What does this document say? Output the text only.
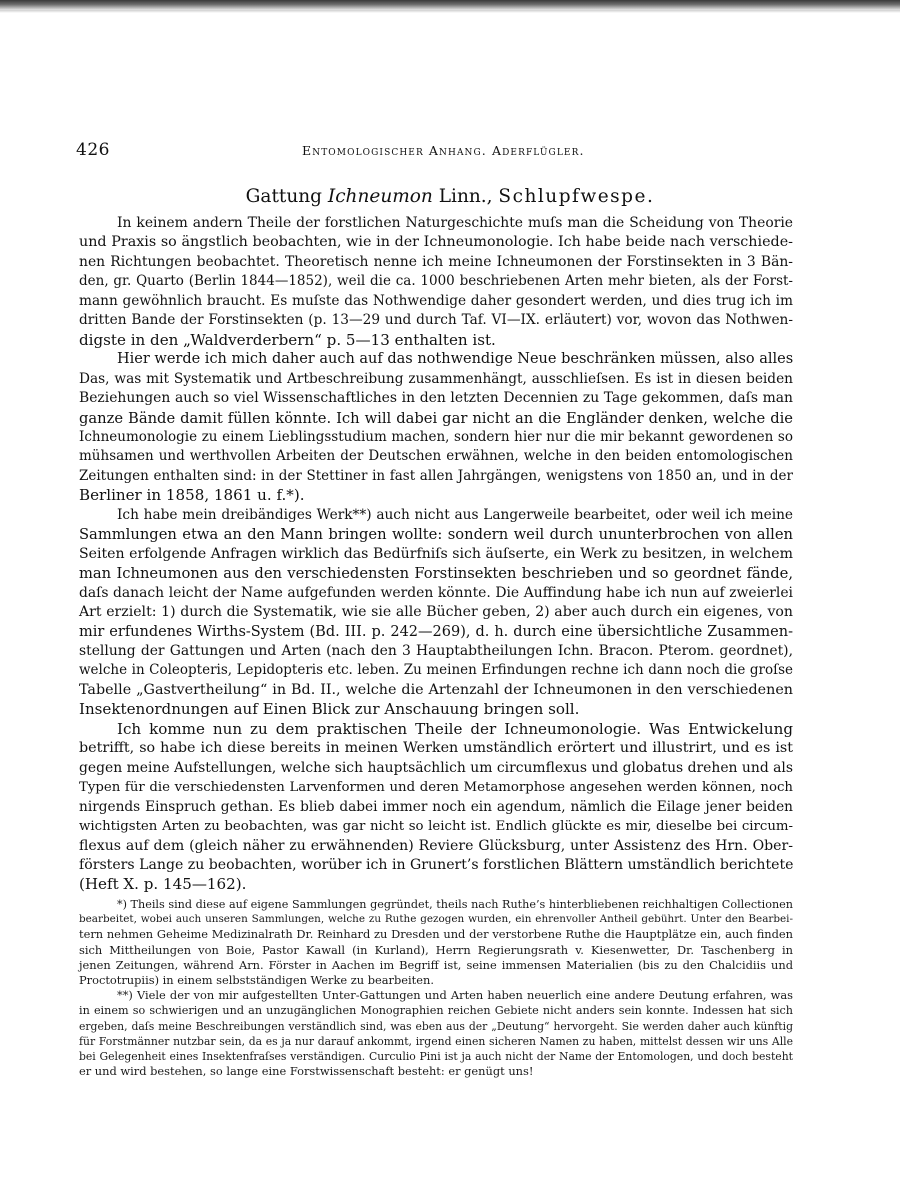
426	Entomologischer Anhang. Aderflügler.
Gattung Ichneumon Linn., Schlupfwespe.
In keinem andern Theile der forstlichen Naturgeschichte muſs man die Scheidung von Theorie
und Praxis so ängstlich beobachten, wie in der Ichneumonologie. Ich habe beide nach verschiede-
nen Richtungen beobachtet. Theoretisch nenne ich meine Ichneumonen der Forstinsekten in 3 Bän-
den, gr. Quarto (Berlin 1844—1852), weil die ca. 1000 beschriebenen Arten mehr bieten, als der Forst-
mann gewöhnlich braucht. Es muſste das Nothwendige daher gesondert werden, und dies trug ich im
dritten Bande der Forstinsekten (p. 13—29 und durch Taf. VI—IX. erläutert) vor, wovon das Nothwen-
digste in den „Waldverderbern“ p. 5—13 enthalten ist.
Hier werde ich mich daher auch auf das nothwendige Neue beschränken müssen, also alles
Das, was mit Systematik und Artbeschreibung zusammenhängt, ausschlieſsen. Es ist in diesen beiden
Beziehungen auch so viel Wissenschaftliches in den letzten Decennien zu Tage gekommen, daſs man
ganze Bände damit füllen könnte. Ich will dabei gar nicht an die Engländer denken, welche die
Ichneumonologie zu einem Lieblingsstudium machen, sondern hier nur die mir bekannt gewordenen so
mühsamen und werthvollen Arbeiten der Deutschen erwähnen, welche in den beiden entomologischen
Zeitungen enthalten sind: in der Stettiner in fast allen Jahrgängen, wenigstens von 1850 an, und in der
Berliner in 1858, 1861 u. f.*).
Ich habe mein dreibändiges Werk**) auch nicht aus Langerweile bearbeitet, oder weil ich meine
Sammlungen etwa an den Mann bringen wollte: sondern weil durch ununterbrochen von allen
Seiten erfolgende Anfragen wirklich das Bedürfniſs sich äuſserte, ein Werk zu besitzen, in welchem
man Ichneumonen aus den verschiedensten Forstinsekten beschrieben und so geordnet fände,
daſs danach leicht der Name aufgefunden werden könnte. Die Auffindung habe ich nun auf zweierlei
Art erzielt: 1) durch die Systematik, wie sie alle Bücher geben, 2) aber auch durch ein eigenes, von
mir erfundenes Wirths-System (Bd. III. p. 242—269), d. h. durch eine übersichtliche Zusammen-
stellung der Gattungen und Arten (nach den 3 Hauptabtheilungen Ichn. Bracon. Pterom. geordnet),
welche in Coleopteris, Lepidopteris etc. leben. Zu meinen Erfindungen rechne ich dann noch die groſse
Tabelle „Gastvertheilung“ in Bd. II., welche die Artenzahl der Ichneumonen in den verschiedenen
Insektenordnungen auf Einen Blick zur Anschauung bringen soll.
Ich komme nun zu dem praktischen Theile der Ichneumonologie. Was Entwickelung
betrifft, so habe ich diese bereits in meinen Werken umständlich erörtert und illustrirt, und es ist
gegen meine Aufstellungen, welche sich hauptsächlich um circumflexus und globatus drehen und als
Typen für die verschiedensten Larvenformen und deren Metamorphose angesehen werden können, noch
nirgends Einspruch gethan. Es blieb dabei immer noch ein agendum, nämlich die Eilage jener beiden
wichtigsten Arten zu beobachten, was gar nicht so leicht ist. Endlich glückte es mir, dieselbe bei circum-
flexus auf dem (gleich näher zu erwähnenden) Reviere Glücksburg, unter Assistenz des Hrn. Ober-
försters Lange zu beobachten, worüber ich in Grunert’s forstlichen Blättern umständlich berichtete
(Heft X. p. 145—162).
*) Theils sind diese auf eigene Sammlungen gegründet, theils nach Ruthe’s hinterbliebenen reichhaltigen Collectionen
bearbeitet, wobei auch unseren Sammlungen, welche zu Ruthe gezogen wurden, ein ehrenvoller Antheil gebührt. Unter den Bearbei-
tern nehmen Geheime Medizinalrath Dr. Reinhard zu Dresden und der verstorbene Ruthe die Hauptplätze ein, auch finden
sich Mittheilungen von Boie, Pastor Kawall (in Kurland), Herrn Regierungsrath v. Kiesenwetter, Dr. Taschenberg in
jenen Zeitungen, während Arn. Förster in Aachen im Begriff ist, seine immensen Materialien (bis zu den Chalcidiis und
Proctotrupiis) in einem selbstständigen Werke zu bearbeiten.
**) Viele der von mir aufgestellten Unter-Gattungen und Arten haben neuerlich eine andere Deutung erfahren, was
in einem so schwierigen und an unzugänglichen Monographien reichen Gebiete nicht anders sein konnte. Indessen hat sich
ergeben, daſs meine Beschreibungen verständlich sind, was eben aus der „Deutung“ hervorgeht. Sie werden daher auch künftig
für Forstmänner nutzbar sein, da es ja nur darauf ankommt, irgend einen sicheren Namen zu haben, mittelst dessen wir uns Alle
bei Gelegenheit eines Insektenfraſses verständigen. Curculio Pini ist ja auch nicht der Name der Entomologen, und doch besteht
er und wird bestehen, so lange eine Forstwissenschaft besteht: er genügt uns!
